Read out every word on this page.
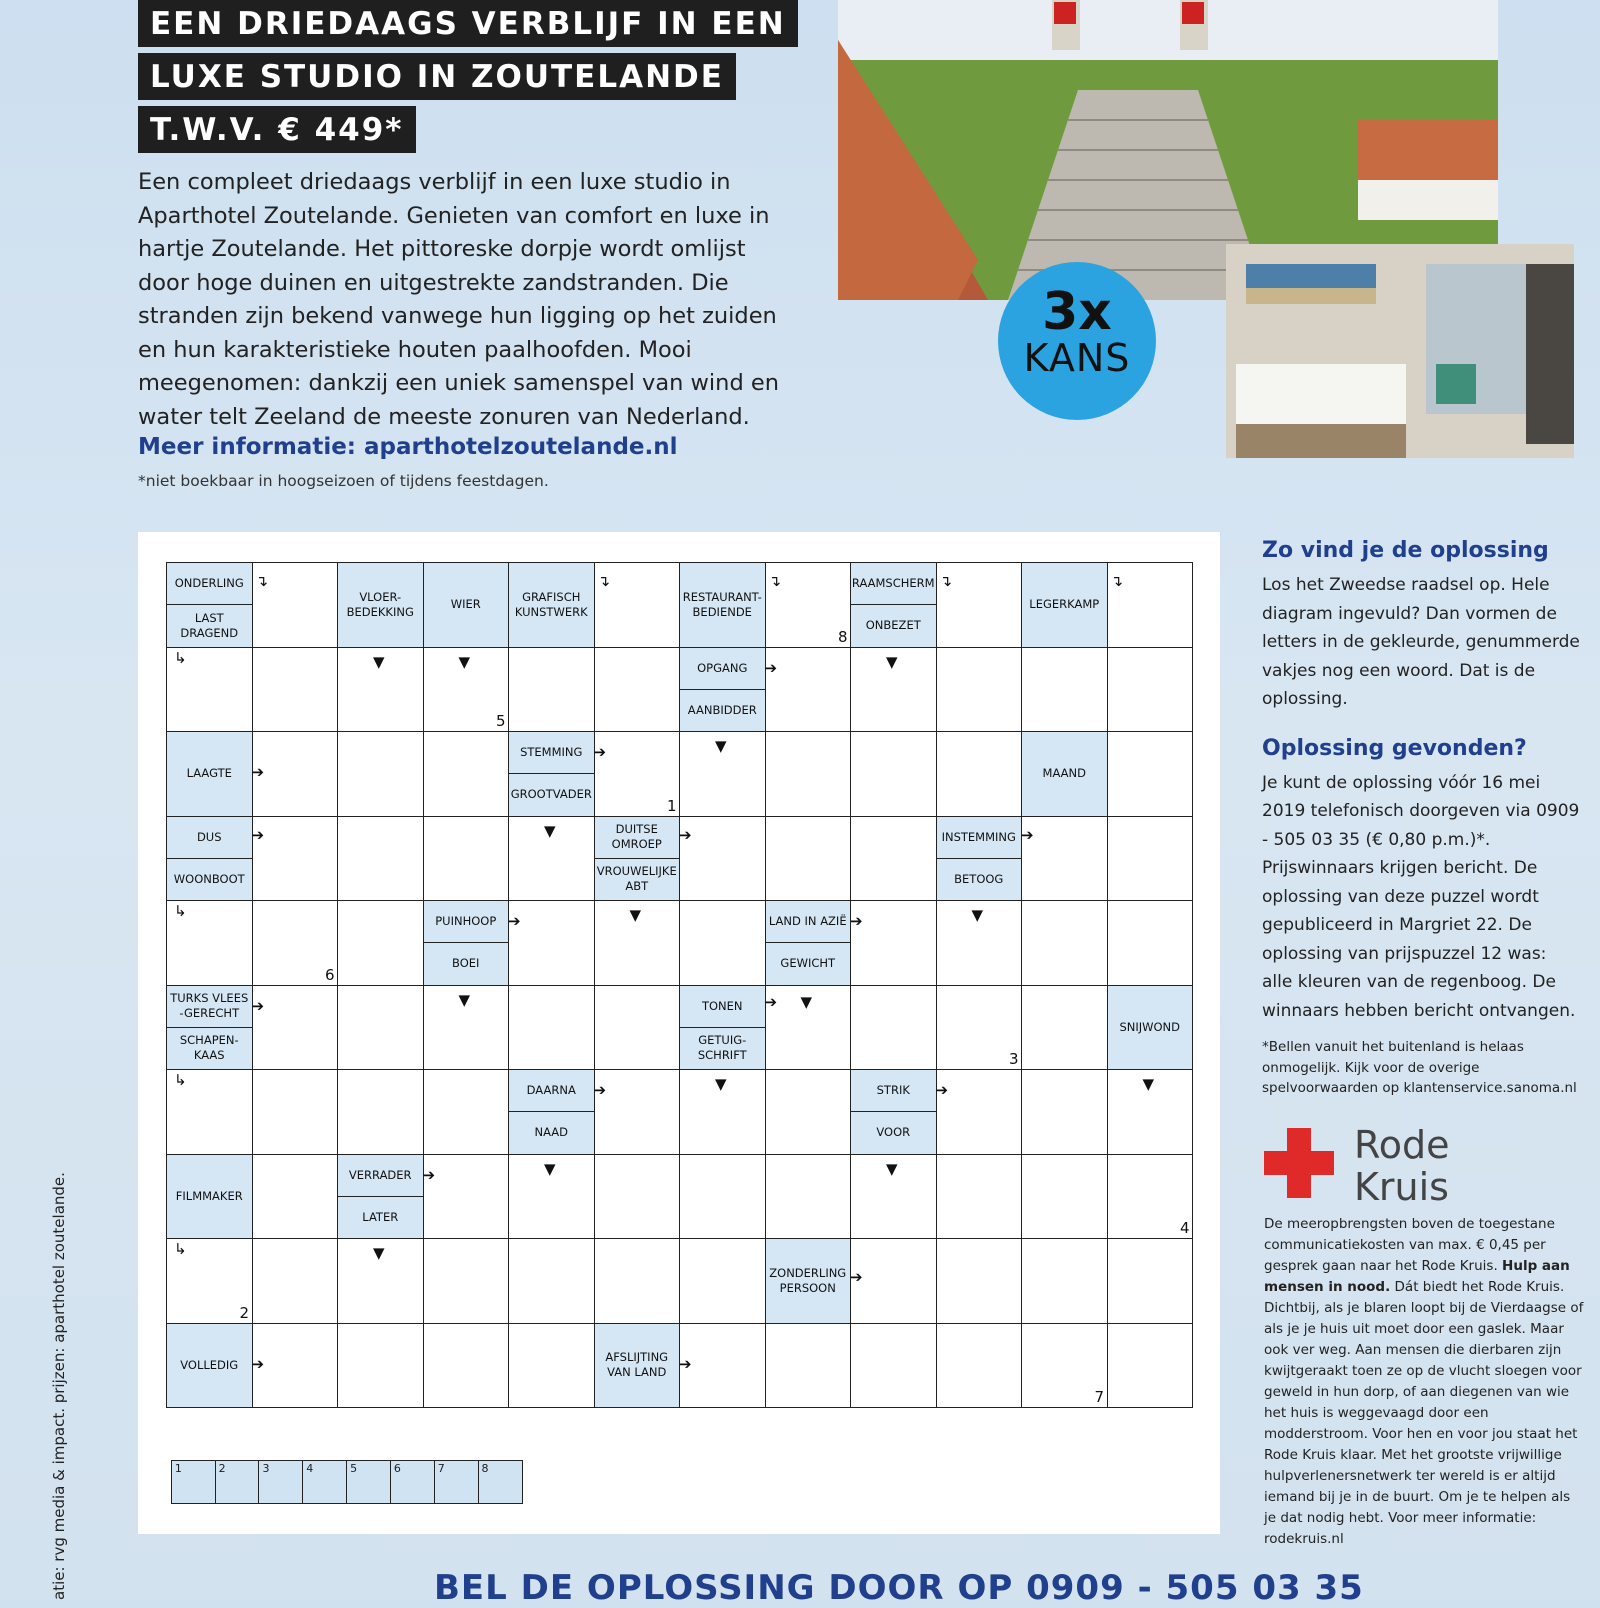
EEN DRIEDAAGS VERBLIJF IN EEN
LUXE STUDIO IN ZOUTELANDE
T.W.V. € 449*
Een compleet driedaags verblijf in een luxe studio in Aparthotel Zoutelande. Genieten van comfort en luxe in hartje Zoutelande. Het pittoreske dorpje wordt omlijst door hoge duinen en uitgestrekte zandstranden. Die stranden zijn bekend vanwege hun ligging op het zuiden en hun karakteristieke houten paalhoofden. Mooi meegenomen: dankzij een uniek samenspel van wind en water telt Zeeland de meeste zonuren van Nederland.
Meer informatie: aparthotelzoutelande.nl
*niet boekbaar in hoogseizoen of tijdens feestdagen.
3x
KANS
ONDERLING
LAST DRAGEND
VLOER-BEDEKKING
WIER
GRAFISCH KUNSTWERK
RESTAURANT-BEDIENDE
RAAMSCHERM
ONBEZET
LEGERKAMP
OPGANG
AANBIDDER
LAAGTE
STEMMING
GROOTVADER
MAAND
DUS
WOONBOOT
DUITSE OMROEP
VROUWELIJKE ABT
INSTEMMING
BETOOG
PUINHOOP
BOEI
LAND IN AZIË
GEWICHT
TURKS VLEES -GERECHT
SCHAPEN-KAAS
TONEN
GETUIG-SCHRIFT
SNIJWOND
DAARNA
NAAD
STRIK
VOOR
FILMMAKER
VERRADER
LATER
ZONDERLING PERSOON
VOLLEDIG
AFSLIJTING VAN LAND
↴
↳	▼	▼	➔
▼
▼
➔
➔
▼
➔
↳
➔
▼
➔
▼
➔	➔
▼
➔
↳
➔ ▼
▼	▼
➔	➔
▼	▼
➔
↳	▼
➔
➔	➔
↴	↴	↴	↴
1
2
3
4
5
6
7
8
1	2	3	4	5	6	7	8
Zo vind je de oplossing

Los het Zweedse raadsel op. Hele diagram ingevuld? Dan vormen de letters in de gekleurde, genummerde vakjes nog een woord. Dat is de oplossing.

Oplossing gevonden?

Je kunt de oplossing vóór 16 mei 2019 telefonisch doorgeven via 0909 - 505 03 35 (€ 0,80 p.m.)*. Prijswinnaars krijgen bericht. De oplossing van deze puzzel wordt gepubliceerd in Margriet 22. De oplossing van prijspuzzel 12 was: alle kleuren van de regenboog. De winnaars hebben bericht ontvangen.

*Bellen vanuit het buitenland is helaas onmogelijk. Kijk voor de overige spelvoorwaarden op klantenservice.sanoma.nl

Rode
Kruis
De meeropbrengsten boven de toegestane communicatiekosten van max. € 0,45 per gesprek gaan naar het Rode Kruis. Hulp aan mensen in nood. Dát biedt het Rode Kruis. Dichtbij, als je blaren loopt bij de Vierdaagse of als je je huis uit moet door een gaslek. Maar ook ver weg. Aan mensen die dierbaren zijn kwijtgeraakt toen ze op de vlucht sloegen voor geweld in hun dorp, of aan diegenen van wie het huis is weggevaagd door een modderstroom. Voor hen en voor jou staat het Rode Kruis klaar. Met het grootste vrijwillige hulpverlenersnetwerk ter wereld is er altijd iemand bij je in de buurt. Om je te helpen als je dat nodig hebt. Voor meer informatie: rodekruis.nl
atie: rvg media & impact. prijzen: aparthotel zoutelande.	BEL DE OPLOSSING DOOR OP 0909 - 505 03 35
